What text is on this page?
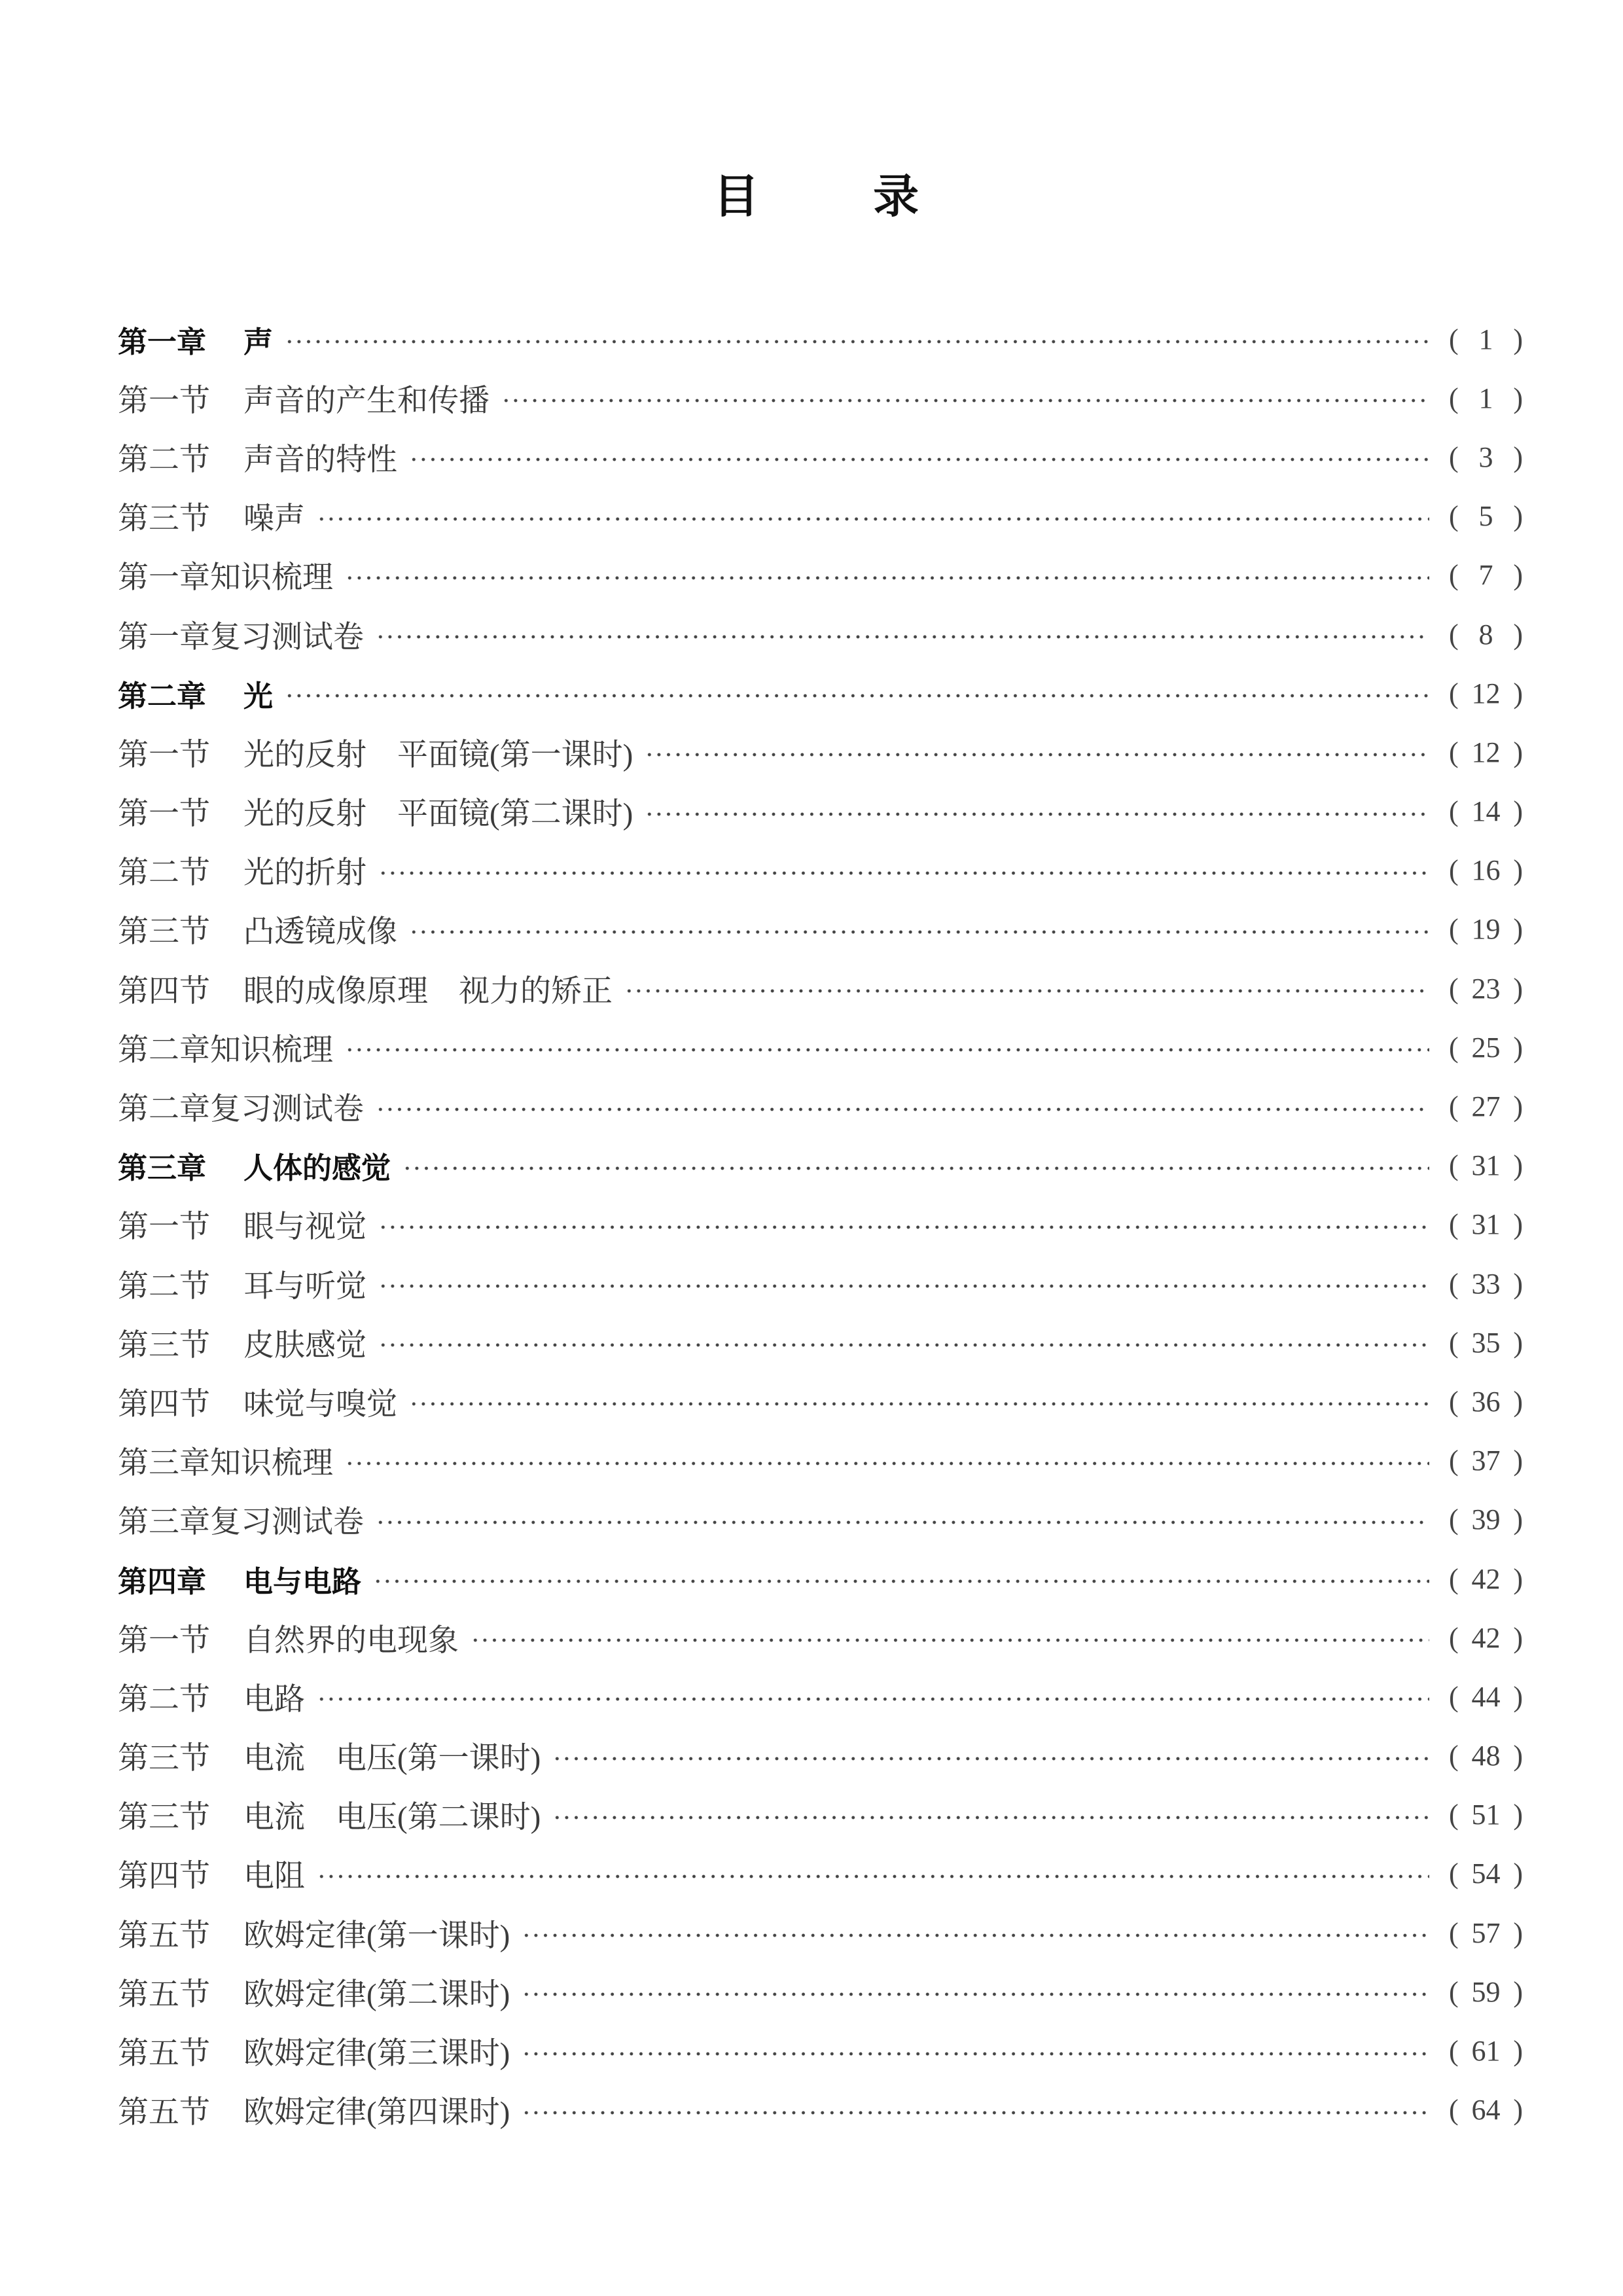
目 录
第一章	声	( 1 )
第一节	声音的产生和传播	( 1 )
第二节	声音的特性	( 3 )
第三节	噪声	( 5 )
第一章知识梳理	( 7 )
第一章复习测试卷	( 8 )
第二章	光	( 12 )
第一节	光的反射　平面镜(第一课时)	( 12 )
第一节	光的反射　平面镜(第二课时)	( 14 )
第二节	光的折射	( 16 )
第三节	凸透镜成像	( 19 )
第四节	眼的成像原理　视力的矫正	( 23 )
第二章知识梳理	( 25 )
第二章复习测试卷	( 27 )
第三章	人体的感觉	( 31 )
第一节	眼与视觉	( 31 )
第二节	耳与听觉	( 33 )
第三节	皮肤感觉	( 35 )
第四节	味觉与嗅觉	( 36 )
第三章知识梳理	( 37 )
第三章复习测试卷	( 39 )
第四章	电与电路	( 42 )
第一节	自然界的电现象	( 42 )
第二节	电路	( 44 )
第三节	电流　电压(第一课时)	( 48 )
第三节	电流　电压(第二课时)	( 51 )
第四节	电阻	( 54 )
第五节	欧姆定律(第一课时)	( 57 )
第五节	欧姆定律(第二课时)	( 59 )
第五节	欧姆定律(第三课时)	( 61 )
第五节	欧姆定律(第四课时)	( 64 )
